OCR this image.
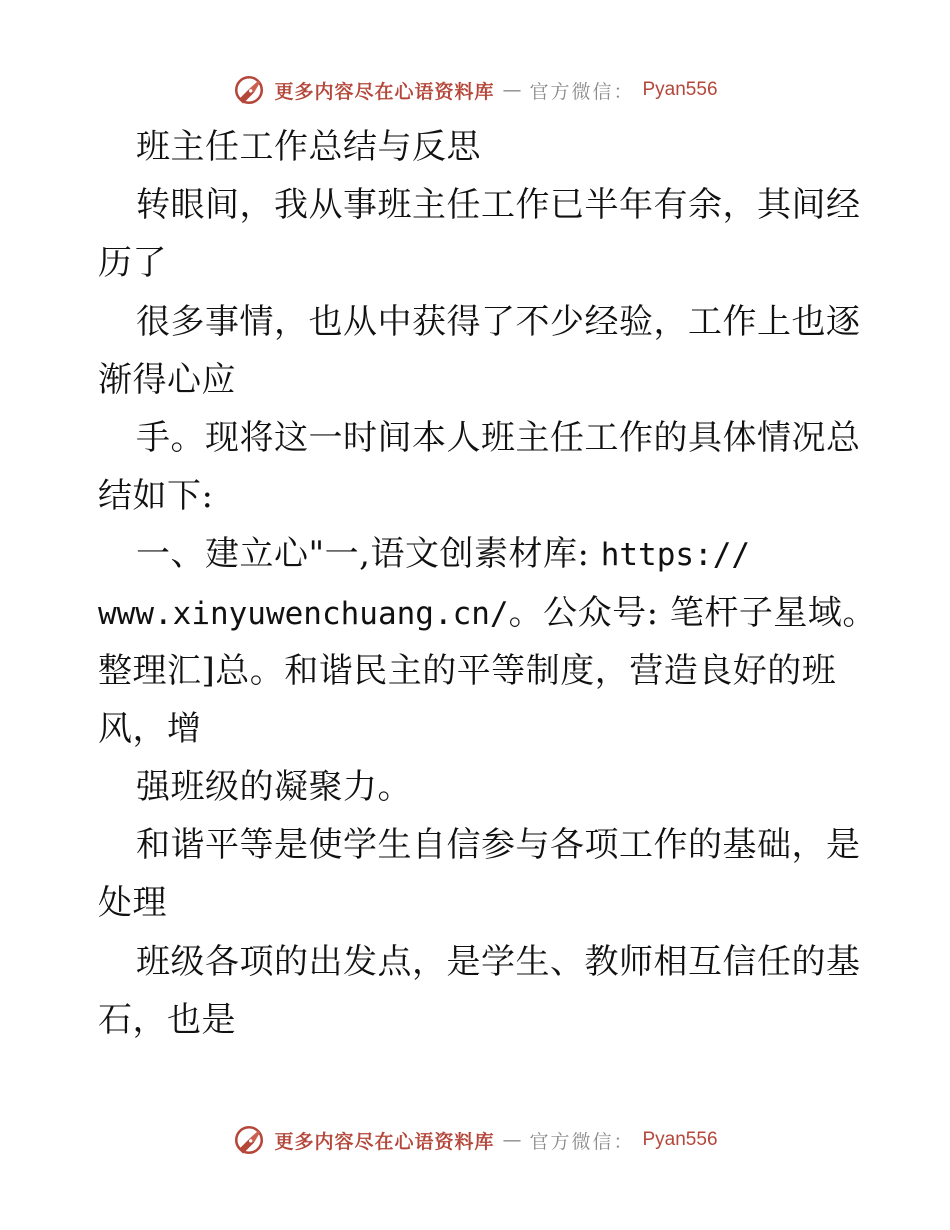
更多内容尽在心语资料库 — 官方微信： Pyan556
班主任工作总结与反思
转眼间，我从事班主任工作已半年有余，其间经
历了
很多事情，也从中获得了不少经验，工作上也逐
渐得心应
手。现将这一时间本人班主任工作的具体情况总
结如下:
一、建立心"一,语文创素材库: https://
www.xinyuwenchuang.cn/。公众号: 笔杆子星域。
整理汇]总。和谐民主的平等制度，营造良好的班
风，增
强班级的凝聚力。
和谐平等是使学生自信参与各项工作的基础，是
处理
班级各项的出发点，是学生、教师相互信任的基
石，也是
更多内容尽在心语资料库 — 官方微信： Pyan556
